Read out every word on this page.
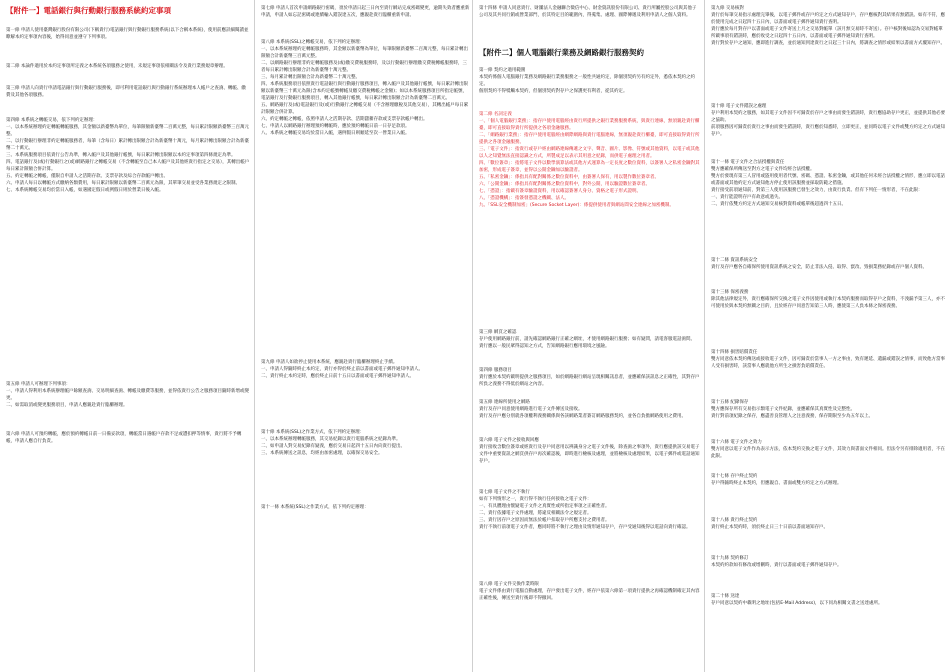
【附件一】電話銀行與行動銀行服務系統約定事項
第一條 申請人使用臺灣銀行股份有限公司(下稱貴行)電話銀行與行動銀行服務系統(以下合稱本系統)，使用前應詳細閱讀並瞭解本約定事項內容後，始得同意並遵守下列事項。
第二條 本論件適用於本約定事項所定義之本系統各項服務之使用，未規定事項依相關法令及貴行業務規章辦理。
第三條 申請人向貴行申請電話銀行與行動銀行服務後，即可利用電話銀行與行動銀行系統辦理本人帳戶之查詢、轉帳、繳費及其他各項服務。
第四條 本系統之轉帳交易，依下列約定辦理：
一、以本系統辦理約定轉帳轉帳服務，其金額以新臺幣為單位，每筆限額新臺幣二百萬元整，每日累計限額新臺幣三百萬元整。
二、以行動銀行辦理非約定轉帳服務者，每筆（含每日）累計轉出限額合計為新臺幣十萬元，每月累計轉出限額合計為新臺幣二十萬元。
三、本系統服務項目依貴行公告為準，轉入帳戶及其他銀行帳號，每日累計轉出限額以本約定事項第四條規定為準。
四、電話銀行及(或)行動銀行之(或)網路銀行之轉帳交易（不含轉帳至自己本人帳戶及其他經貴行指定之交易），其轉出帳戶每日累計限額合併計算。
五、約定轉帳之轉帳，僅限自申請人之活期存款、支票存款及綜合存款帳戶轉出。
六、申請人每日以轉帳方式繳納各類費用，每日累計限額以新臺幣二百萬元為限，其單筆交易並受各業務規定之限制。
七、本系統轉帳交易均於當日入帳，如遇國定假日或例假日則於營業日後入帳。
第五條 申請人可辦理下列事項：
一、申請人得利用本系統辦理帳戶餘額查詢、交易明細查詢、轉帳及繳費等服務，並得依貴行公告之服務項目隨時新增或變更。
二、如需取消或變更服務項目，申請人應親赴貴行臨櫃辦理。
第六條 申請人可預約轉帳，應於預約轉帳日前一日備妥款項，轉帳當日遇帳戶存款不足或遭扣押等情事，貴行將不予轉帳，申請人應自行負責。
第七條 申請人首次申請網路銀行密碼，須於申請日起三日內至貴行網站完成密碼變更，逾期失效者應重新申請，申請人如忘記密碼或連續輸入錯誤達五次，應親赴貴行臨櫃重新申請。
第八條 本系統(SSL)之轉帳交易，依下列約定辦理：
一、以本系統辦理約定轉帳服務時，其金額以新臺幣為單位，每筆限額新臺幣二百萬元整，每日累計轉出限額合計新臺幣三百萬元整。
二、以網路銀行辦理非約定轉帳服務及(或)繳交費稅服務時，及以行動銀行辦理繳交費稅轉帳服務時，三者每日累計轉出限額合計為新臺幣十萬元整。
三、每月累計轉出限額合計為新臺幣二十萬元整。
四、本系統服務項目依照貴行電話銀行與行動銀行服務項目，轉入帳戶及其他銀行帳號，每日累計轉出限額以新臺幣三十萬元為限(含本約定帳號轉帳及繳交費稅轉帳之金額)；如以本系統服務項目所指定帳號，電話銀行及行動銀行服務項目，轉入其他銀行帳號，每日累計轉出限額合計為新臺幣二百萬元。
五、網路銀行及(或)電話銀行及(或)行動銀行之轉帳交易（不含辦理繳稅及其他交易），其轉出帳戶每日累計限額合併計算。
六、約定轉帳之轉帳，依照申請人之活期存款、活期儲蓄存款或支票存款帳戶轉出。
七、申請人以網路銀行辦理預約轉帳時，應於預約轉帳日前一日存足款項。
八、本系統之轉帳交易均於當日入帳，遇例假日則順延至次一營業日入帳。
第九條 申請人如欲停止使用本系統，應親赴貴行臨櫃辦理終止手續。
一、申請人得隨時終止本約定，貴行亦得於終止前以書面或電子郵件通知申請人。
二、貴行終止本約定時，應於終止日前十五日以書面或電子郵件通知申請人。
第十條 本系統(SSL)之作業方式，依下列約定辦理：
一、以本系統辦理轉帳服務，其交易紀錄以貴行電腦系統之紀錄為準。
二、如申請人對交易紀錄有疑義，應於交易日起四十五日內向貴行提出。
三、本系統傳送之訊息，均經由加密處理，以確保交易安全。
第十一條 本系統(SSL)之作業方式，依下列約定辦理：
第十四條 申請人同意貴行、財團法人金融聯合徵信中心、財金資訊股份有限公司、貴行所屬控股公司與其他子公司及其共同行銷或營業部門，於其特定目的範圍內，得蒐集、處理、國際傳遞及利用申請人之個人資料。
【附件二】個人電腦銀行業務及網路銀行服務契約
第一條 契約之適用範圍
本契約係個人電腦銀行業務及網路銀行業務服務之一般性共通約定，除個別契約另有約定外，悉依本契約之約定。
個別契約不得牴觸本契約，但個別契約對存戶之保護更有利者，從其約定。
第二條 名詞定義
一、「個人電腦銀行業務」：指存戶使用電腦經由貴行所提供之銀行業務服務系統，與貴行連線，無須親赴貴行櫃臺，即可直接取得貴行所提供之各項金融服務。
二、「網路銀行業務」：指存戶使用電腦經由網際網路與貴行電腦連線，無須親赴貴行櫃臺，即可直接取得貴行所提供之各項金融服務。
三、「電子文件」：指貴行或存戶經由網路連線傳遞之文字、聲音、圖片、影像、符號或其他資料，以電子或其他以人之知覺無法直接認識之方式，所製成足以表示其用意之紀錄，而供電子處理之用者。
四、「數位簽章」：指將電子文件以數學演算法或其他方式運算為一定長度之數位資料，以簽署人之私密金鑰對其加密，形成電子簽章，並得以公開金鑰加以驗證者。
五、「私密金鑰」：係指具有配對關係之數位資料中，由簽署人保有，用以製作數位簽章者。
六、「公開金鑰」：係指具有配對關係之數位資料中，對外公開，用以驗證數位簽章者。
七、「憑證」：指載有簽章驗證資料，用以確認簽署人身分、資格之電子形式證明。
八、「憑證機構」：指簽發憑證之機關、法人。
九、「SSL安全機制加密」(Secure Socket Layer)：係提供使用者與網站間安全連線之加密機制。
第三條 網頁之確認
存戶使用網路銀行前，請先確認網路銀行正確之網址，才使用網路銀行服務；如有疑問，請電客服電話詢問。
貴行應以一般民眾得認知之方式，告知網路銀行應用環境之風險。
第四條 服務項目
貴行應於本契約載明提供之服務項目，如於網路銀行網站呈現相關訊息者，並應確保該訊息之正確性，其對存戶所負之義務不得低於網站之內容。
第五條 連線所使用之網路
貴行及存戶同意使用網路進行電子文件傳送及接收。
貴行及存戶應分別就各項權利義務關係與各該網路業者簽訂網路服務契約，並各自負擔網路使用之費用。
第六條 電子文件之接收與回應
貴行接收含數位簽章或經貴行及存戶同意用以辨識身分之電子文件後，除查詢之事項外，貴行應提供該交易電子文件中重要資訊之網頁供存戶再次確認後，即時進行檢核及處理，並將檢核及處理結果，以電子郵件或電話通知存戶。
第七條 電子文件之不執行
如有下列情形之一，貴行得不執行任何接收之電子文件：
一、有具體理由懷疑電子文件之真實性或所指定事項之正確性者。
二、貴行依據電子文件處理，將違反相關法令之規定者。
三、貴行因存戶之原因而無法於帳戶扣取存戶所應支付之費用者。
貴行不執行前項電子文件者，應同時將不執行之理由及情形通知存戶，存戶受通知後得以電話向貴行確認。
第八條 電子文件交換作業時限
電子文件係由貴行電腦自動處理，存戶發出電子文件，經存戶依第六條第一項貴行提供之再確認機制確定其內容正確性後，傳送至貴行後即不得撤回。
第九條 交易核對
貴行於每筆交易指示處理完畢後，以電子郵件或存戶約定之方式通知存戶，存戶應核對其結果有無錯誤。如有不符，應於使用完成之日起四十五日內，以書面或電子郵件通知貴行查明。
貴行應於每月對存戶以書面或電子文件寄送上月之交易對帳單（該月無交易時不寄送）。存戶核對後如認為交易對帳單所載事項有錯誤時，應於收受之日起四十五日內，以書面或電子郵件通知貴行查明。
貴行對於存戶之通知，應即進行調查，並於通知到達貴行之日起三十日內，將調查之情形或結果以書面方式覆知存戶。
第十條 電子文件錯誤之處理
存戶利用本契約之服務，如其電子文件因不可歸責於存戶之事由而發生錯誤時，貴行應協助存戶更正，並提供其他必要之協助。
前項服務因可歸責於貴行之事由而發生錯誤時，貴行應於知悉時，立即更正，並同時以電子文件或雙方約定之方式通知存戶。
第十一條 電子文件之合法授權與責任
雙方應確保所傳送至對方之電子文件均經合法授權。
雙方於發現有第三人冒用或盜用使用者代號、密碼、憑證、私密金鑰，或其他任何未經合法授權之情形，應立即以電話或書面或其他約定方式通知他方停止使用該服務並採取防範之措施。
貴行接受前項通知前，對第三人使用該服務已發生之效力，由貴行負責。但有下列任一情形者，不在此限：
一、貴行能證明存戶有故意或過失。
二、貴行依雙方約定方式通知交易核對資料或帳單後超過四十五日。
第十二條 資訊系統安全
貴行及存戶應各自確保所使用資訊系統之安全，防止非法入侵、取得、竄改、毀損業務紀錄或存戶個人資料。
第十三條 保密義務
除其他法律規定外，貴行應確保所交換之電子文件因使用或執行本契約服務而取得存戶之資料，不洩漏予第三人，亦不可使用於與本契約無關之目的，且於經存戶同意告知第三人時，應使第三人負本條之保密義務。
第十四條 損害賠償責任
雙方同意依本契約傳送或接收電子文件，因可歸責於當事人一方之事由，致有遲延、遺漏或錯誤之情事，而致他方當事人受有損害時，該當事人應就他方所生之損害負賠償責任。
第十五條 紀錄保存
雙方應保存所有交易指示類電子文件紀錄，並應確保其真實性及完整性。
貴行對前項紀錄之保存，應盡善良管理人之注意義務，保存期限至少為五年以上。
第十六條 電子文件之效力
雙方同意以電子文件作為表示方法，依本契約交換之電子文件，其效力與書面文件相同。但法令另有排除適用者，不在此限。
第十七條 存戶終止契約
存戶得隨時終止本契約，但應親自、書面或雙方約定之方式辦理。
第十八條 貴行終止契約
貴行終止本契約時，須於終止日三十日前以書面通知存戶。
第十九條 契約修訂
本契約約款如有修改或增刪時，貴行以書面或電子郵件通知存戶。
第二十條 送達
存戶同意以契約中載明之地址(包括E-Mail Address)，以下同為相關文書之送達處所。
